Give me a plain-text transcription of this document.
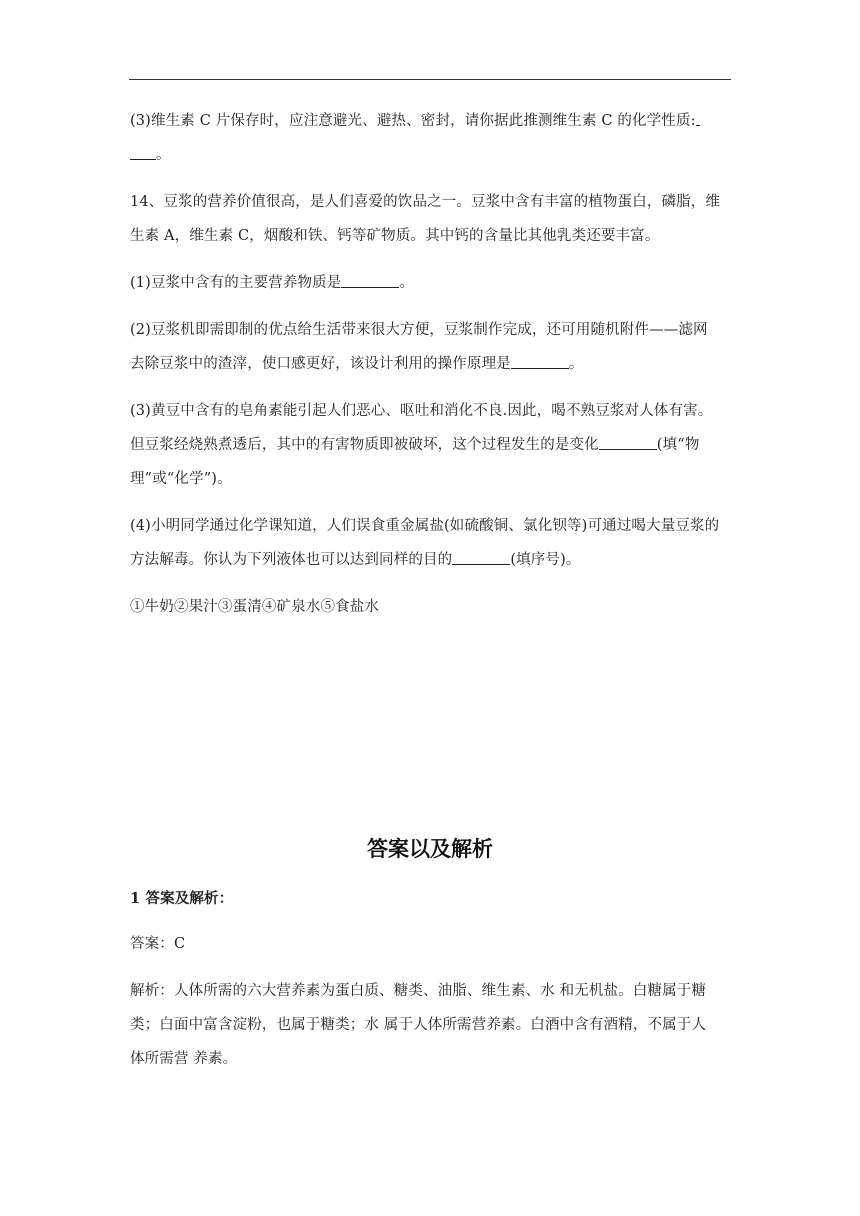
(3)维生素 C 片保存时，应注意避光、避热、密封，请你据此推测维生素 C 的化学性质:

。

14、豆浆的营养价值很高，是人们喜爱的饮品之一。豆浆中含有丰富的植物蛋白，磷脂，维

生素 A，维生素 C，烟酸和铁、钙等矿物质。其中钙的含量比其他乳类还要丰富。

(1)豆浆中含有的主要营养物质是	。

(2)豆浆机即需即制的优点给生活带来很大方便，豆浆制作完成，还可用随机附件——滤网

去除豆浆中的渣滓，使口感更好，该设计利用的操作原理是	。

(3)黄豆中含有的皂角素能引起人们恶心、呕吐和消化不良.因此，喝不熟豆浆对人体有害。

但豆浆经烧熟煮透后，其中的有害物质即被破坏，这个过程发生的是变化	(填“物

理”或“化学”)。

(4)小明同学通过化学课知道，人们误食重金属盐(如硫酸铜、氯化钡等)可通过喝大量豆浆的

方法解毒。你认为下列液体也可以达到同样的目的	(填序号)。

①牛奶②果汁③蛋清④矿泉水⑤食盐水

答案以及解析

1 答案及解析：

答案：C

解析：人体所需的六大营养素为蛋白质、糖类、油脂、维生素、水 和无机盐。白糖属于糖

类；白面中富含淀粉，也属于糖类；水 属于人体所需营养素。白酒中含有酒精，不属于人

体所需营 养素。
